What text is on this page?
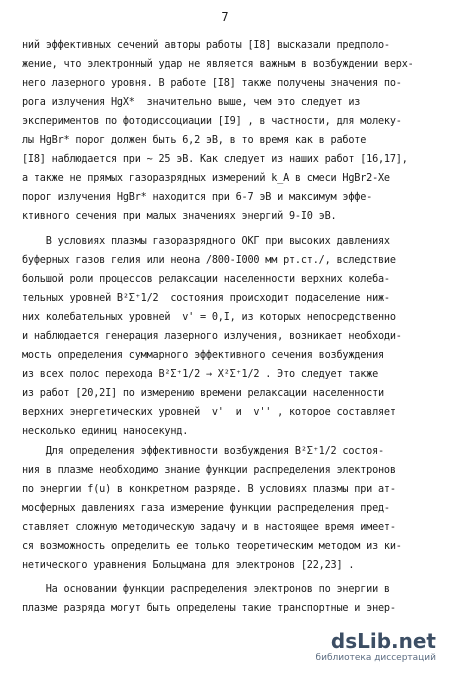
7
ний эффективных сечений авторы работы [I8] высказали предполо-
жение, что электронный удар не является важным в возбуждении верх-
него лазерного уровня. В работе [I8] также получены значения по-
рога излучения HgX*  значительно выше, чем это следует из
экспериментов по фотодиссоциации [I9] , в частности, для молеку-
лы HgBr* порог должен быть 6,2 эВ, в то время как в работе
[I8] наблюдается при ~ 25 эВ. Как следует из наших работ [16,17],
а также не прямых газоразрядных измерений k_A в смеси HgBr2-Xe
порог излучения HgBr* находится при 6-7 эВ и максимум эффе-
ктивного сечения при малых значениях энергий 9-I0 эВ.
В условиях плазмы газоразрядного ОКГ при высоких давлениях
буферных газов гелия или неона /800-I000 мм рт.ст./, вследствие
большой роли процессов релаксации населенности верхних колеба-
тельных уровней B²Σ⁺1/2  состояния происходит подаселение ниж-
них колебательных уровней  v' = 0,I, из которых непосредственно
и наблюдается генерация лазерного излучения, возникает необходи-
мость определения суммарного эффективного сечения возбуждения
из всех полос перехода B²Σ⁺1/2 → X²Σ⁺1/2 . Это следует также
из работ [20,2I] по измерению времени релаксации населенности
верхних энергетических уровней  v'  и  v'' , которое составляет
несколько единиц наносекунд.
Для определения эффективности возбуждения B²Σ⁺1/2 состоя-
ния в плазме необходимо знание функции распределения электронов
по энергии f(u) в конкретном разряде. В условиях плазмы при ат-
мосферных давлениях газа измерение функции распределения пред-
ставляет сложную методическую задачу и в настоящее время имеет-
ся возможность определить ее только теоретическим методом из ки-
нетического уравнения Больцмана для электронов [22,23] .
На основании функции распределения электронов по энергии в
плазме разряда могут быть определены такие транспортные и энер-
dsLib.net
библиотека диссертаций
